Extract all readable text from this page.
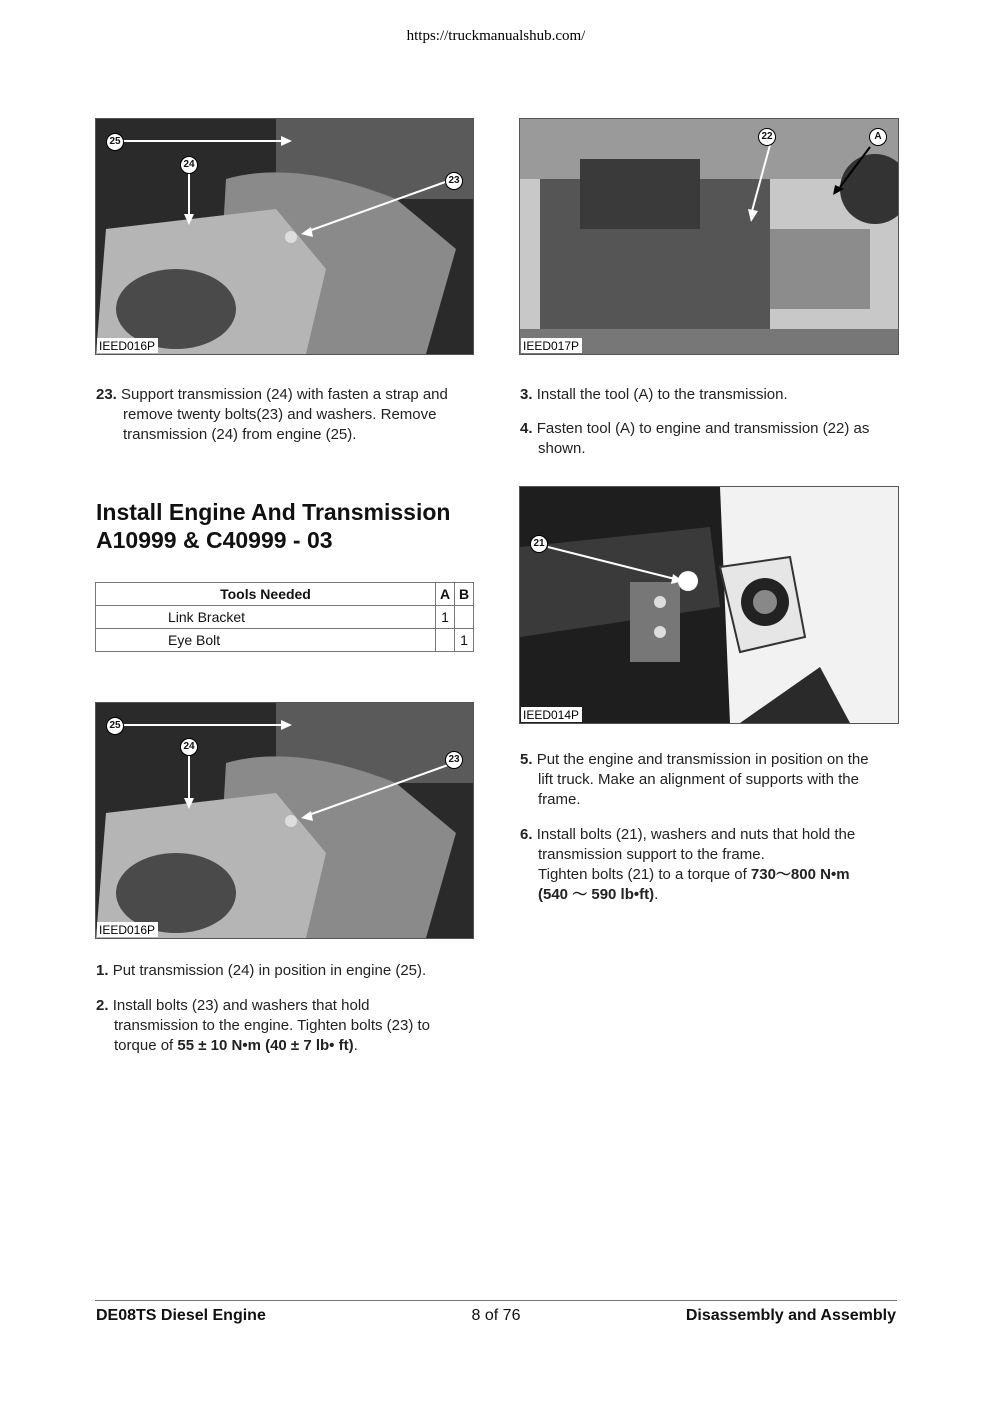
https://truckmanualshub.com/
25
24
23
IEED016P
22	A
IEED017P
23. Support transmission (24) with fasten a strap and
remove twenty bolts(23) and washers. Remove
transmission (24) from engine (25).
3. Install the tool (A) to the transmission.
4. Fasten tool (A) to engine and transmission (22) as
shown.
Install Engine And Transmission
A10999 & C40999 - 03
Tools Needed	A	B
Link Bracket	1	
Eye Bolt		1
21
IEED014P
25
24
23
IEED016P
5. Put the engine and transmission in position on the
lift truck. Make an alignment of supports with the
frame.
6. Install bolts (21), washers and nuts that hold the
transmission support to the frame.
Tighten bolts (21) to a torque of 730～800 N•m
(540 ～ 590 lb•ft).
1. Put transmission (24) in position in engine (25).
2. Install bolts (23) and washers that hold
transmission to the engine. Tighten bolts (23) to
torque of 55 ± 10 N•m (40 ± 7 lb• ft).
DE08TS Diesel Engine	8 of 76	Disassembly and Assembly
